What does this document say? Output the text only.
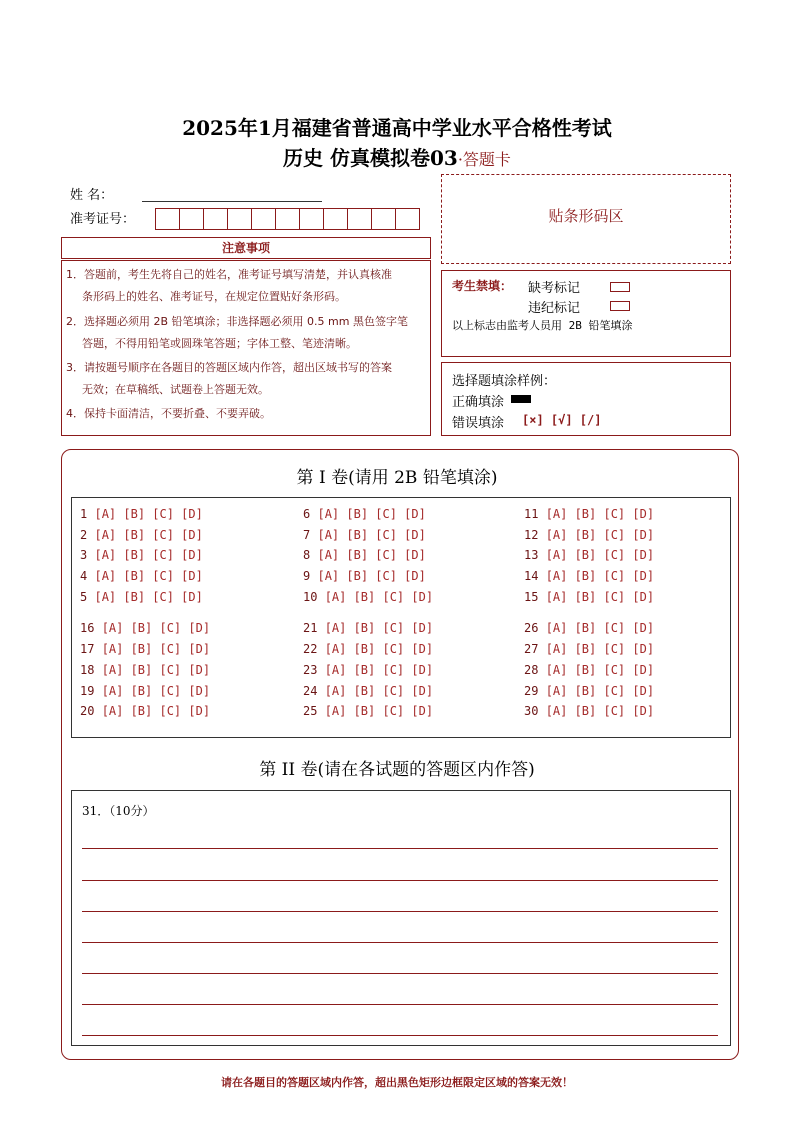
2025年1月福建省普通高中学业水平合格性考试
历史 仿真模拟卷03·答题卡
姓 名：
准考证号：	贴条形码区
注意事项
1．答题前，考生先将自己的姓名，准考证号填写清楚，并认真核准
条形码上的姓名、准考证号，在规定位置贴好条形码。
2．选择题必须用 2B 铅笔填涂；非选择题必须用 0.5 mm 黑色签字笔
答题，不得用铅笔或圆珠笔答题；字体工整、笔迹清晰。
3．请按题号顺序在各题目的答题区域内作答，超出区域书写的答案
无效；在草稿纸、试题卷上答题无效。
4．保持卡面清洁，不要折叠、不要弄破。
考生禁填： 缺考标记
违纪标记
以上标志由监考人员用 2B 铅笔填涂
选择题填涂样例：
正确填涂
错误填涂 [×] [√] [/]
第 I 卷(请用 2B 铅笔填涂)
1 [A] [B] [C] [D]
2 [A] [B] [C] [D]
3 [A] [B] [C] [D]
4 [A] [B] [C] [D]
5 [A] [B] [C] [D]
6 [A] [B] [C] [D]
7 [A] [B] [C] [D]
8 [A] [B] [C] [D]
9 [A] [B] [C] [D]
10 [A] [B] [C] [D]
11 [A] [B] [C] [D]
12 [A] [B] [C] [D]
13 [A] [B] [C] [D]
14 [A] [B] [C] [D]
15 [A] [B] [C] [D]
16 [A] [B] [C] [D]
17 [A] [B] [C] [D]
18 [A] [B] [C] [D]
19 [A] [B] [C] [D]
20 [A] [B] [C] [D]
21 [A] [B] [C] [D]
22 [A] [B] [C] [D]
23 [A] [B] [C] [D]
24 [A] [B] [C] [D]
25 [A] [B] [C] [D]
26 [A] [B] [C] [D]
27 [A] [B] [C] [D]
28 [A] [B] [C] [D]
29 [A] [B] [C] [D]
30 [A] [B] [C] [D]
第 II 卷(请在各试题的答题区内作答)
31．（10分）
请在各题目的答题区域内作答，超出黑色矩形边框限定区域的答案无效！
